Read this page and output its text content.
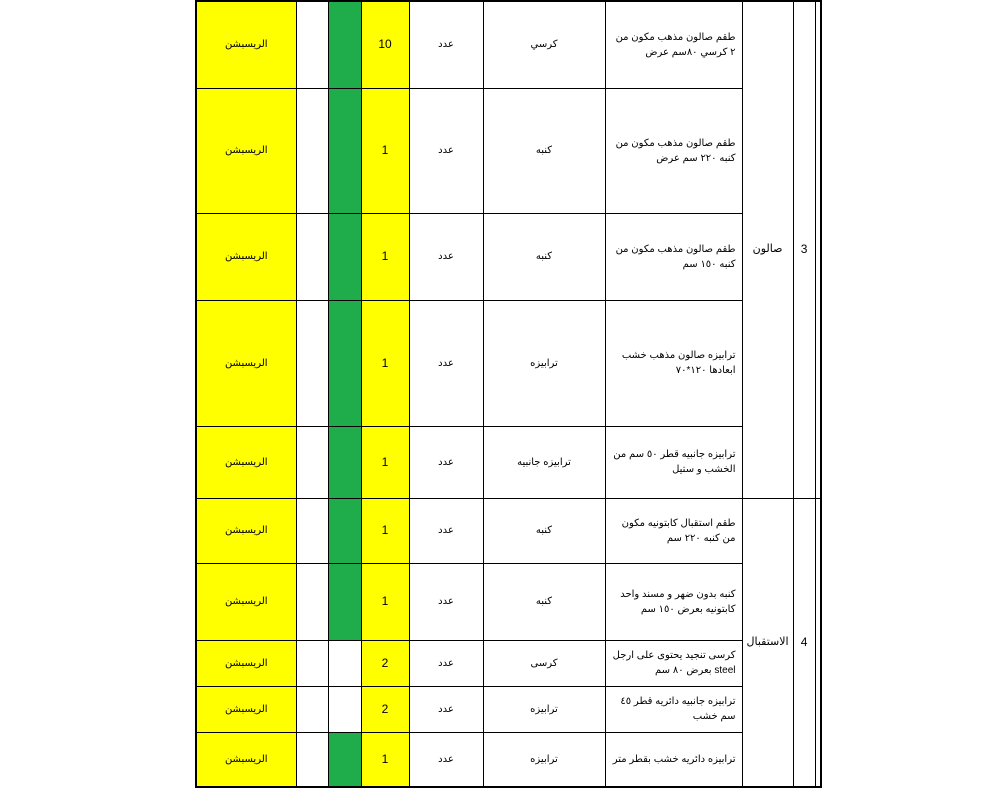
الريسبشن			10	عدد	كرسي	طقم صالون مذهب مكون من ٢ كرسي ٨٠سم عرض	صالون	3	
الريسبشن			1	عدد	كنبه	طقم صالون مذهب مكون من كنبه ٢٢٠ سم عرض			
الريسبشن			1	عدد	كنبه	طقم صالون مذهب مكون من كنبه ١٥٠ سم			
الريسبشن			1	عدد	ترابيزه	ترابيزه صالون مذهب خشب ابعادها ١٢٠*٧٠			
الريسبشن			1	عدد	ترابيزه جانبيه	ترابيزه جانبيه قطر ٥٠ سم من الخشب و ستيل			
الريسبشن			1	عدد	كنبه	طقم استقبال كابتونيه مكون من كنبه ٢٢٠ سم	الاستقبال	4	
الريسبشن			1	عدد	كنبه	كنبه بدون ضهر و مسند واحد كابتونيه بعرض ١٥٠ سم			
الريسبشن			2	عدد	كرسى	كرسى تنجيد يحتوى على ارجل steel بعرض ٨٠ سم			
الريسبشن			2	عدد	ترابيزه	ترابيزه جانبيه دائريه قطر ٤٥ سم خشب			
الريسبشن			1	عدد	ترابيزه	ترابيزه دائريه خشب بقطر متر			
